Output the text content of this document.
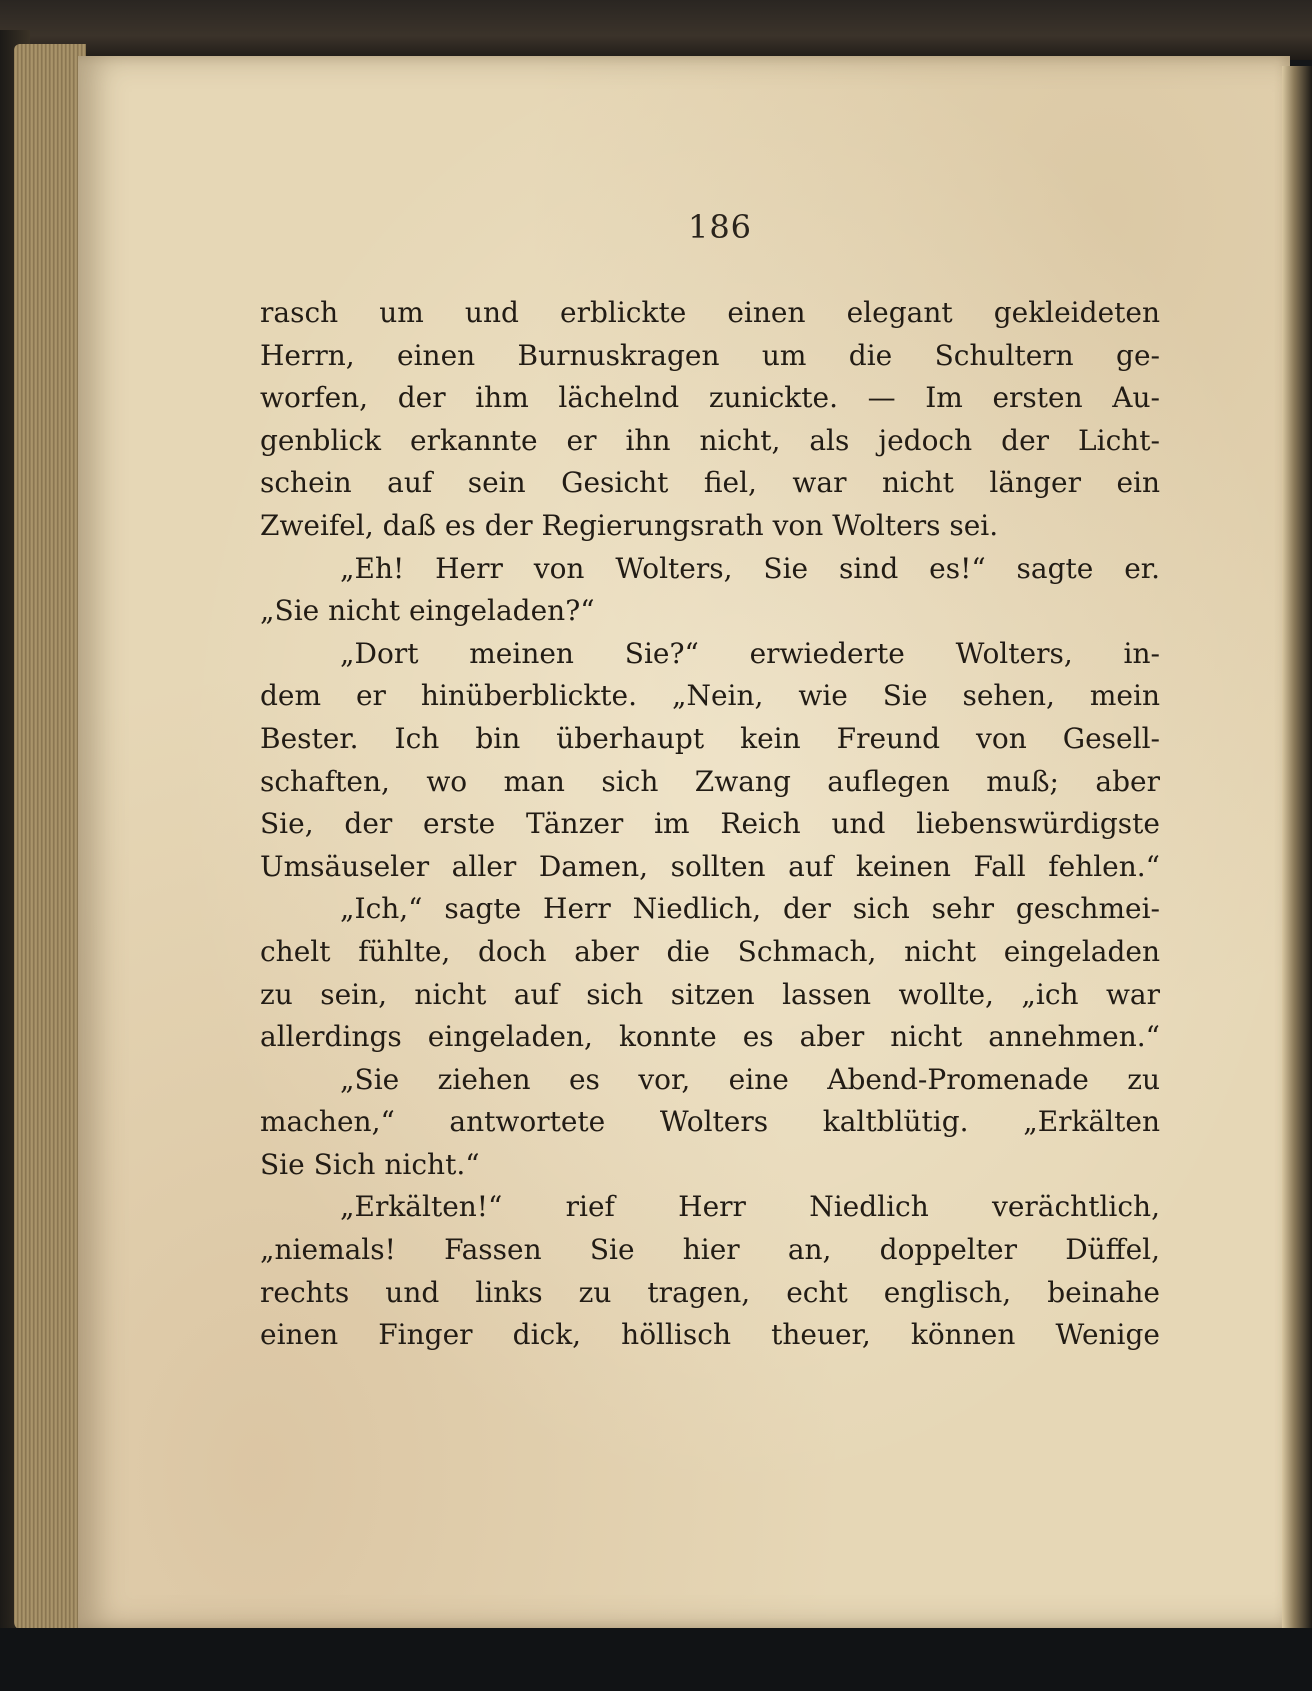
186
rasch um und erblickte einen elegant gekleideten
Herrn, einen Burnuskragen um die Schultern ge-
worfen, der ihm lächelnd zunickte. — Im ersten Au-
genblick erkannte er ihn nicht, als jedoch der Licht-
schein auf sein Gesicht fiel, war nicht länger ein
Zweifel, daß es der Regierungsrath von Wolters sei.
„Eh! Herr von Wolters, Sie sind es!“ sagte er.
„Sie nicht eingeladen?“
„Dort meinen Sie?“ erwiederte Wolters, in-
dem er hinüberblickte. „Nein, wie Sie sehen, mein
Bester. Ich bin überhaupt kein Freund von Gesell-
schaften, wo man sich Zwang auflegen muß; aber
Sie, der erste Tänzer im Reich und liebenswürdigste
Umsäuseler aller Damen, sollten auf keinen Fall fehlen.“
„Ich,“ sagte Herr Niedlich, der sich sehr geschmei-
chelt fühlte, doch aber die Schmach, nicht eingeladen
zu sein, nicht auf sich sitzen lassen wollte, „ich war
allerdings eingeladen, konnte es aber nicht annehmen.“
„Sie ziehen es vor, eine Abend-Promenade zu
machen,“ antwortete Wolters kaltblütig. „Erkälten
Sie Sich nicht.“
„Erkälten!“ rief Herr Niedlich verächtlich,
„niemals! Fassen Sie hier an, doppelter Düffel,
rechts und links zu tragen, echt englisch, beinahe
einen Finger dick, höllisch theuer, können Wenige
